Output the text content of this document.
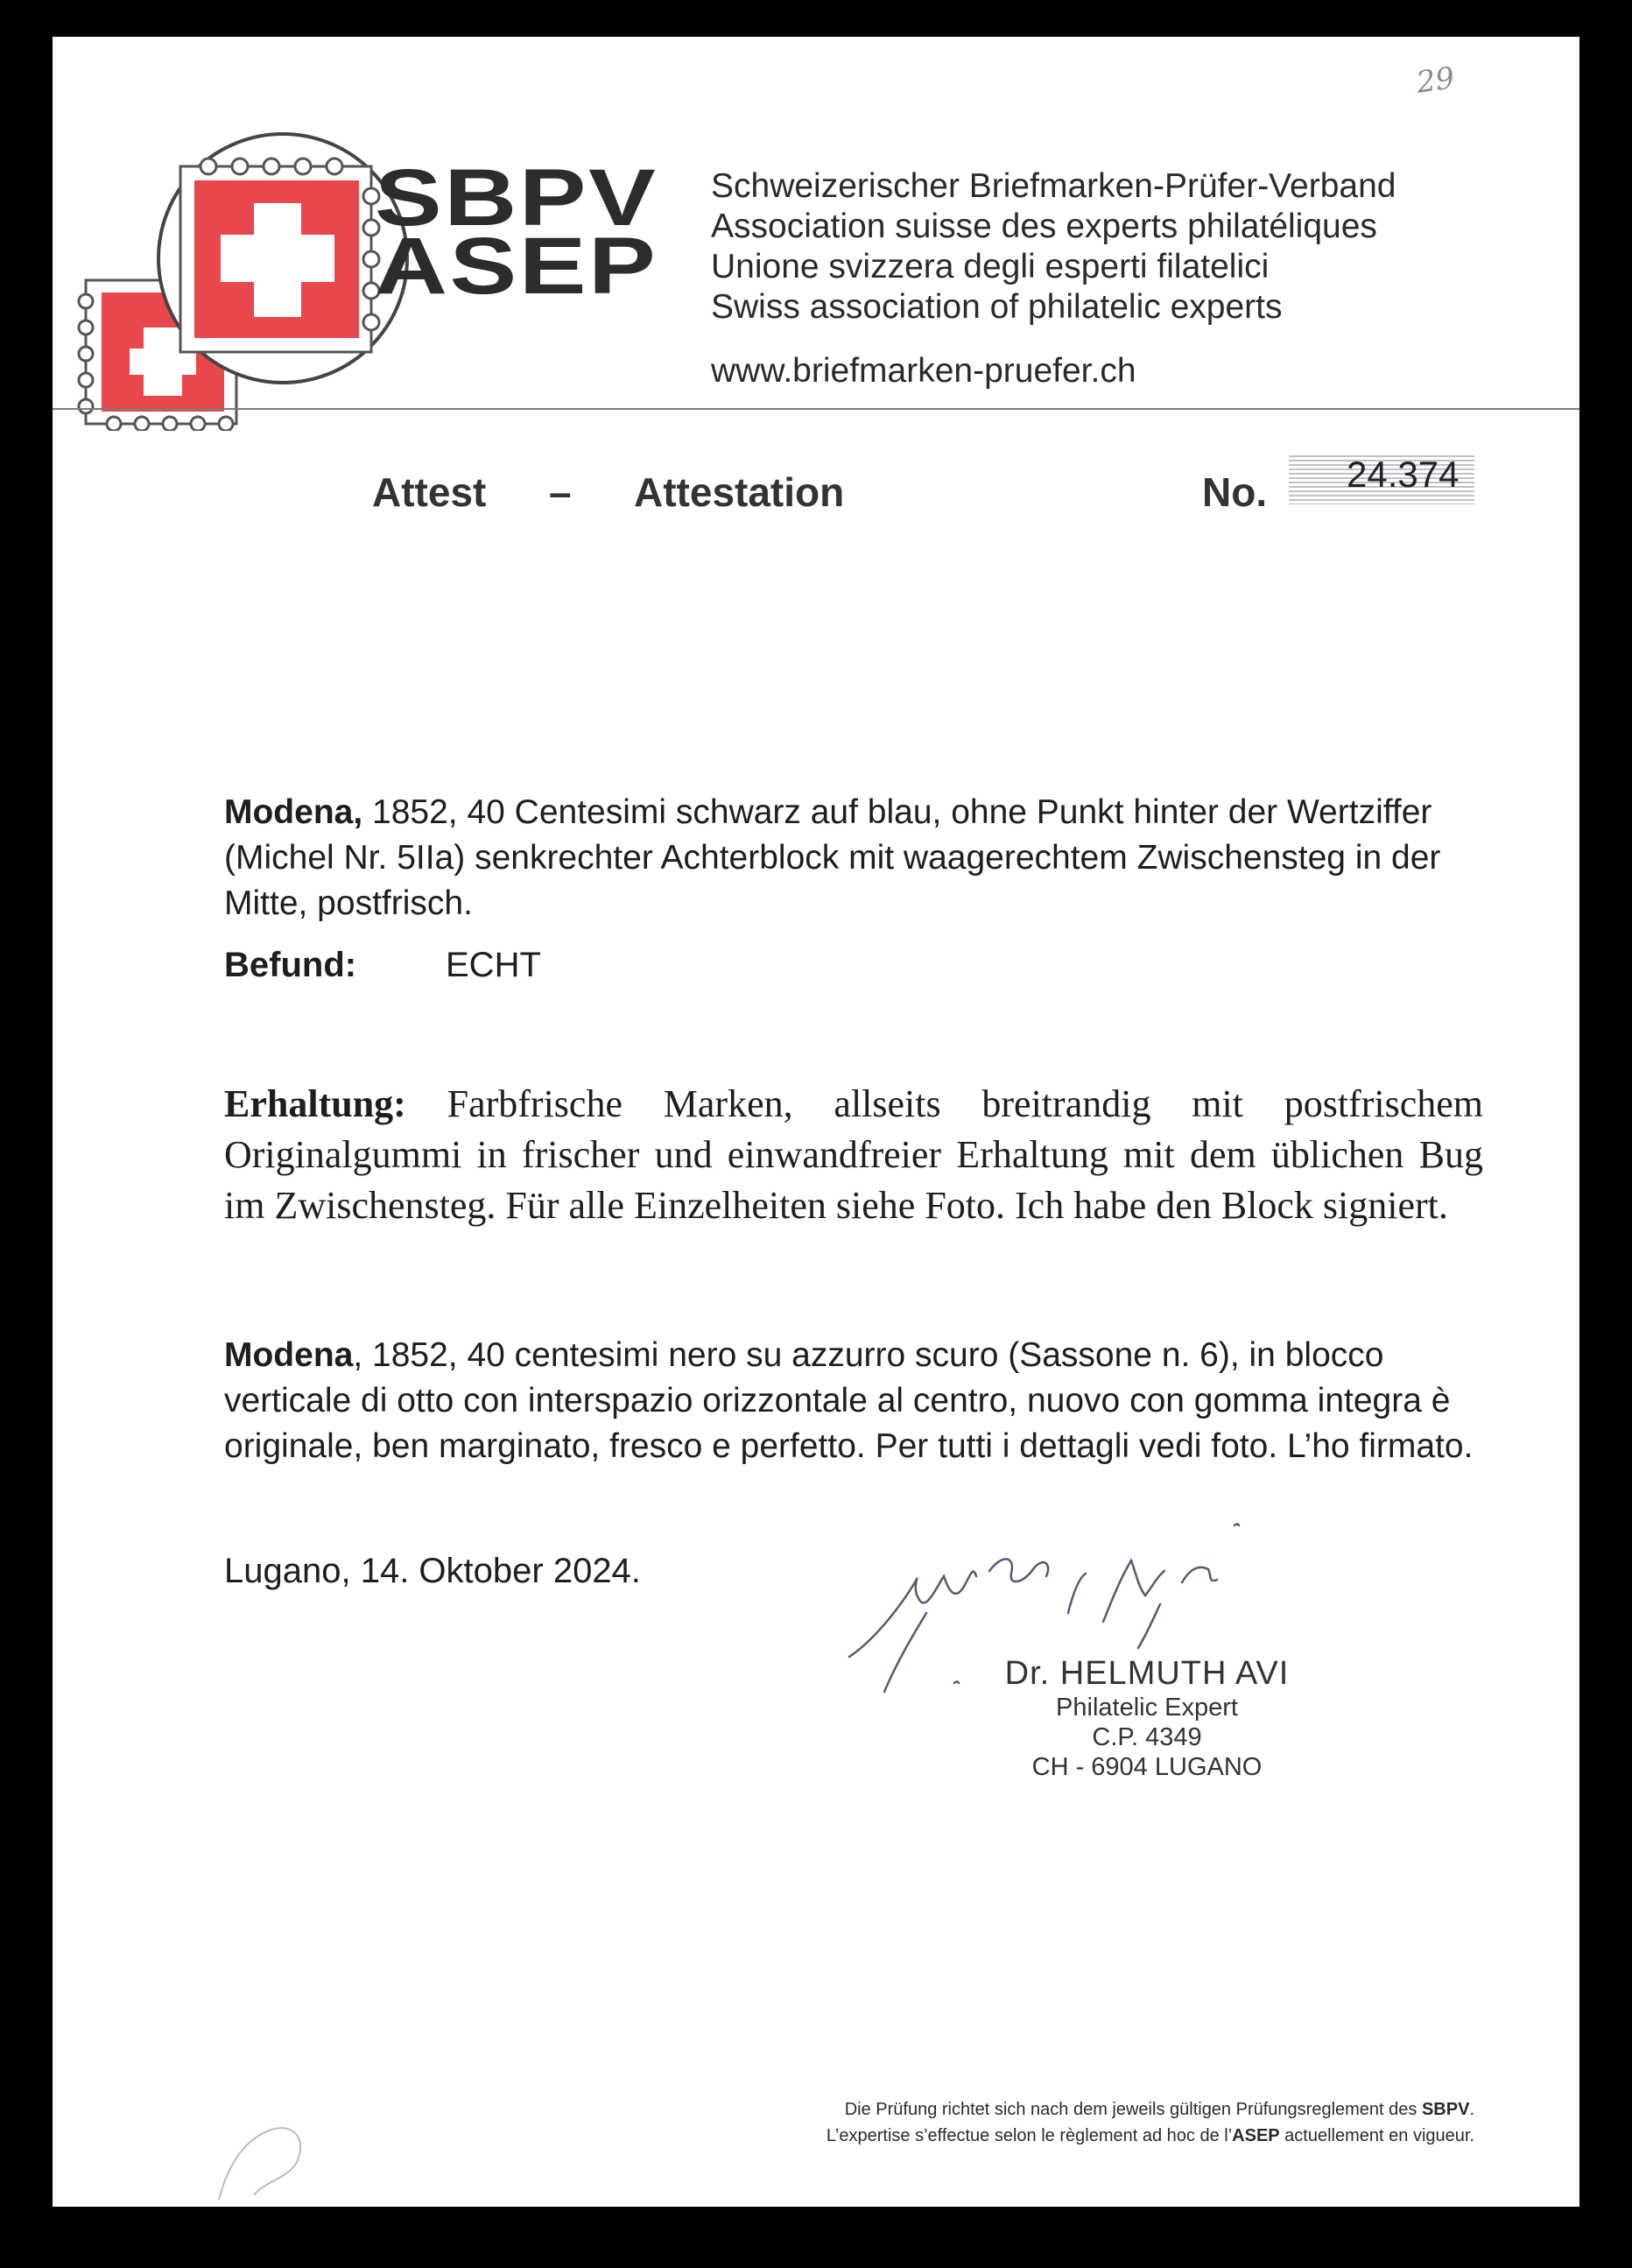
29
SBPV
ASEP
Schweizerischer Briefmarken-Prüfer-Verband
Association suisse des experts philatéliques
Unione svizzera degli esperti filatelici
Swiss association of philatelic experts
www.briefmarken-pruefer.ch
Attest – Attestation	No. 24.374
Modena, 1852, 40 Centesimi schwarz auf blau, ohne Punkt hinter der Wertziffer (Michel Nr. 5IIa) senkrechter Achterblock mit waagerechtem Zwischensteg in der Mitte, postfrisch.
Befund:	ECHT
Erhaltung: Farbfrische Marken, allseits breitrandig mit postfrischem Originalgummi in frischer und einwandfreier Erhaltung mit dem üblichen Bug im Zwischensteg. Für alle Einzelheiten siehe Foto. Ich habe den Block signiert.
Modena, 1852, 40 centesimi nero su azzurro scuro (Sassone n. 6), in blocco verticale di otto con interspazio orizzontale al centro, nuovo con gomma integra è originale, ben marginato, fresco e perfetto. Per tutti i dettagli vedi foto. L’ho firmato.
Lugano, 14. Oktober 2024.
Dr. HELMUTH AVI
Philatelic Expert
C.P. 4349
CH - 6904 LUGANO
Die Prüfung richtet sich nach dem jeweils gültigen Prüfungsreglement des SBPV.
L’expertise s’effectue selon le règlement ad hoc de l’ASEP actuellement en vigueur.
